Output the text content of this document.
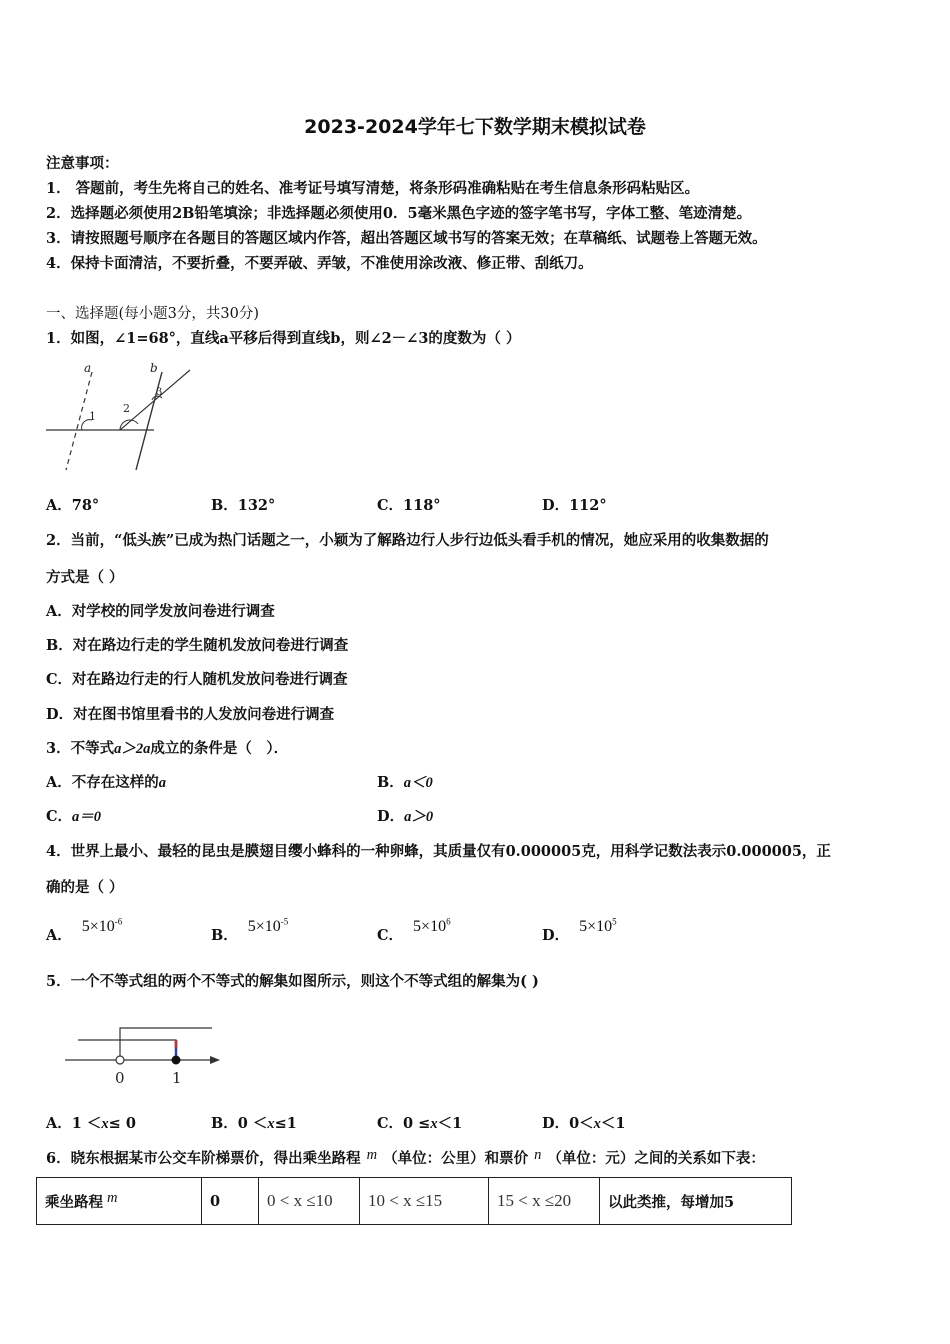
2023-2024学年七下数学期末模拟试卷
注意事项：
1． 答题前，考生先将自己的姓名、准考证号填写清楚，将条形码准确粘贴在考生信息条形码粘贴区。
2．选择题必须使用2B铅笔填涂；非选择题必须使用0．5毫米黑色字迹的签字笔书写，字体工整、笔迹清楚。
3．请按照题号顺序在各题目的答题区域内作答，超出答题区域书写的答案无效；在草稿纸、试题卷上答题无效。
4．保持卡面清洁，不要折叠，不要弄破、弄皱，不准使用涂改液、修正带、刮纸刀。
一、选择题(每小题3分，共30分)
1．如图，∠1=68°，直线a平移后得到直线b，则∠2－∠3的度数为（ ）
a	b
1
2
3
A．78°	B．132°	C．118°	D．112°
2．当前，“低头族”已成为热门话题之一，小颖为了解路边行人步行边低头看手机的情况，她应采用的收集数据的
方式是（ ）
A．对学校的同学发放问卷进行调查
B．对在路边行走的学生随机发放问卷进行调查
C．对在路边行走的行人随机发放问卷进行调查
D．对在图书馆里看书的人发放问卷进行调查
3．不等式a＞2a成立的条件是（　）．
A．不存在这样的a	B．a＜0
C．a＝0	D．a＞0
4．世界上最小、最轻的昆虫是膜翅目缨小蜂科的一种卵蜂，其质量仅有0.000005克，用科学记数法表示0.000005，正
确的是（ ）
A．$5\times 10^{-6}$
B．$5\times 10^{-5}$
C．$5\times 10^6$
D．$5\times 10^5$
5．一个不等式组的两个不等式的解集如图所示，则这个不等式组的解集为( )
0	1
A．1 ＜x≤ 0	B．0 ＜x≤1	C．0 ≤x＜1	D．0＜x＜1
6．晓东根据某市公交车阶梯票价，得出乘坐路程 m （单位：公里）和票价 n （单位：元）之间的关系如下表：
乘坐路程 m	0	0 < x ≤10	10 < x ≤15	15 < x ≤20	以此类推，每增加5
